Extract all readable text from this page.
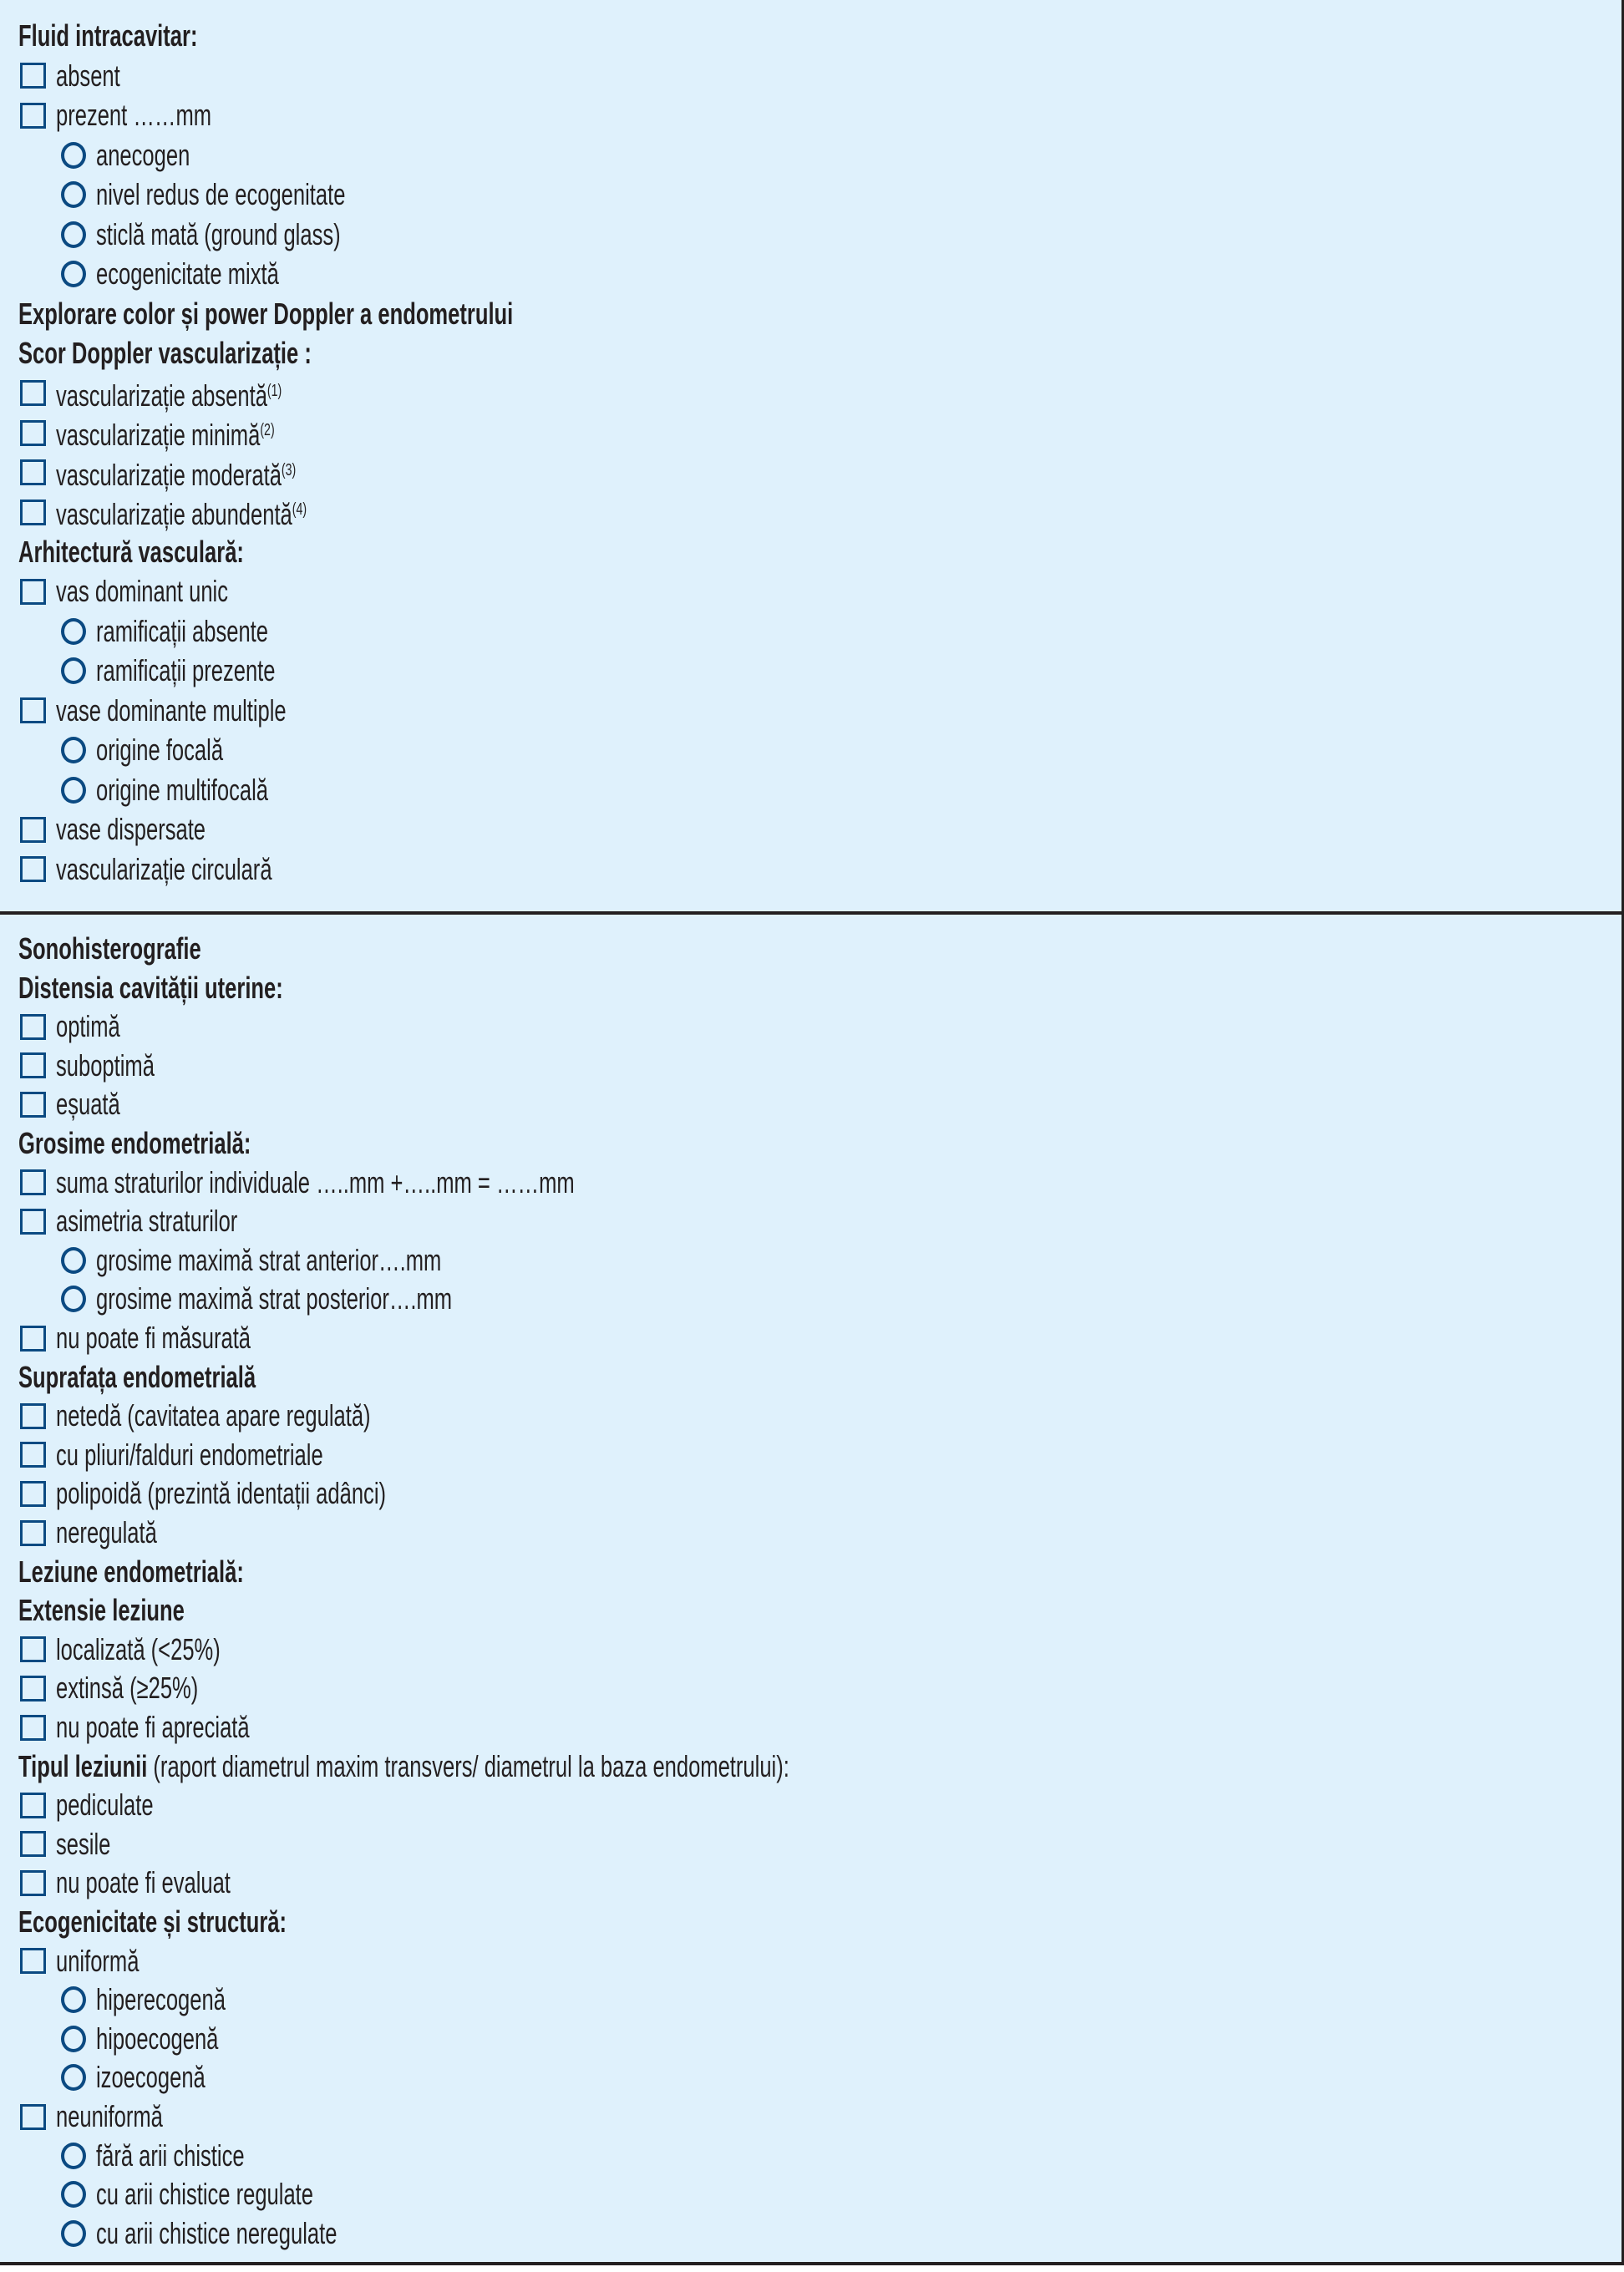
Fluid intracavitar:
absent
prezent ……mm
anecogen
nivel redus de ecogenitate
sticlă mată (ground glass)
ecogenicitate mixtă
Explorare color și power Doppler a endometrului
Scor Doppler vascularizație :
vascularizație absentă$^{(1)}$
vascularizație minimă$^{(2)}$
vascularizație moderată$^{(3)}$
vascularizație abundentă$^{(4)}$
Arhitectură vasculară:
vas dominant unic
ramificații absente
ramificații prezente
vase dominante multiple
origine focală
origine multifocală
vase dispersate
vascularizație circulară
Sonohisterografie
Distensia cavității uterine:
optimă
suboptimă
eșuată
Grosime endometrială:
suma straturilor individuale …..mm +…..mm = ……mm
asimetria straturilor
grosime maximă strat anterior….mm
grosime maximă strat posterior….mm
nu poate fi măsurată
Suprafața endometrială
netedă (cavitatea apare regulată)
cu pliuri/falduri endometriale
polipoidă (prezintă identații adânci)
neregulată
Leziune endometrială:
Extensie leziune
localizată (<25%)
extinsă (≥25%)
nu poate fi apreciată
Tipul leziunii (raport diametrul maxim transvers/ diametrul la baza endometrului):
pediculate
sesile
nu poate fi evaluat
Ecogenicitate și structură:
uniformă
hiperecogenă
hipoecogenă
izoecogenă
neuniformă
fără arii chistice
cu arii chistice regulate
cu arii chistice neregulate
